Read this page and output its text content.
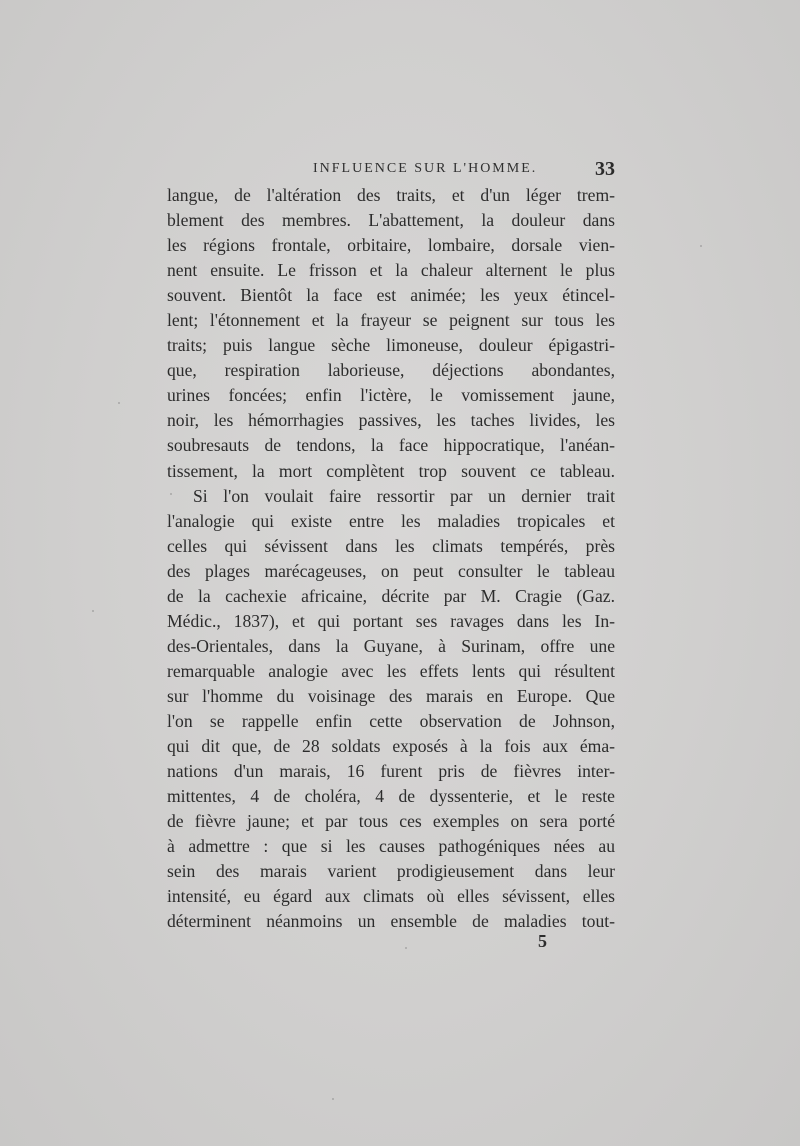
INFLUENCE SUR L'HOMME.	33
langue, de l'altération des traits, et d'un léger trem-
blement des membres. L'abattement, la douleur dans
les régions frontale, orbitaire, lombaire, dorsale vien-
nent ensuite. Le frisson et la chaleur alternent le plus
souvent. Bientôt la face est animée; les yeux étincel-
lent; l'étonnement et la frayeur se peignent sur tous les
traits; puis langue sèche limoneuse, douleur épigastri-
que, respiration laborieuse, déjections abondantes,
urines foncées; enfin l'ictère, le vomissement jaune,
noir, les hémorrhagies passives, les taches livides, les
soubresauts de tendons, la face hippocratique, l'anéan-
tissement, la mort complètent trop souvent ce tableau.
Si l'on voulait faire ressortir par un dernier trait
l'analogie qui existe entre les maladies tropicales et
celles qui sévissent dans les climats tempérés, près
des plages marécageuses, on peut consulter le tableau
de la cachexie africaine, décrite par M. Cragie (Gaz.
Médic., 1837), et qui portant ses ravages dans les In-
des-Orientales, dans la Guyane, à Surinam, offre une
remarquable analogie avec les effets lents qui résultent
sur l'homme du voisinage des marais en Europe. Que
l'on se rappelle enfin cette observation de Johnson,
qui dit que, de 28 soldats exposés à la fois aux éma-
nations d'un marais, 16 furent pris de fièvres inter-
mittentes, 4 de choléra, 4 de dyssenterie, et le reste
de fièvre jaune; et par tous ces exemples on sera porté
à admettre : que si les causes pathogéniques nées au
sein des marais varient prodigieusement dans leur
intensité, eu égard aux climats où elles sévissent, elles
déterminent néanmoins un ensemble de maladies tout-
5
